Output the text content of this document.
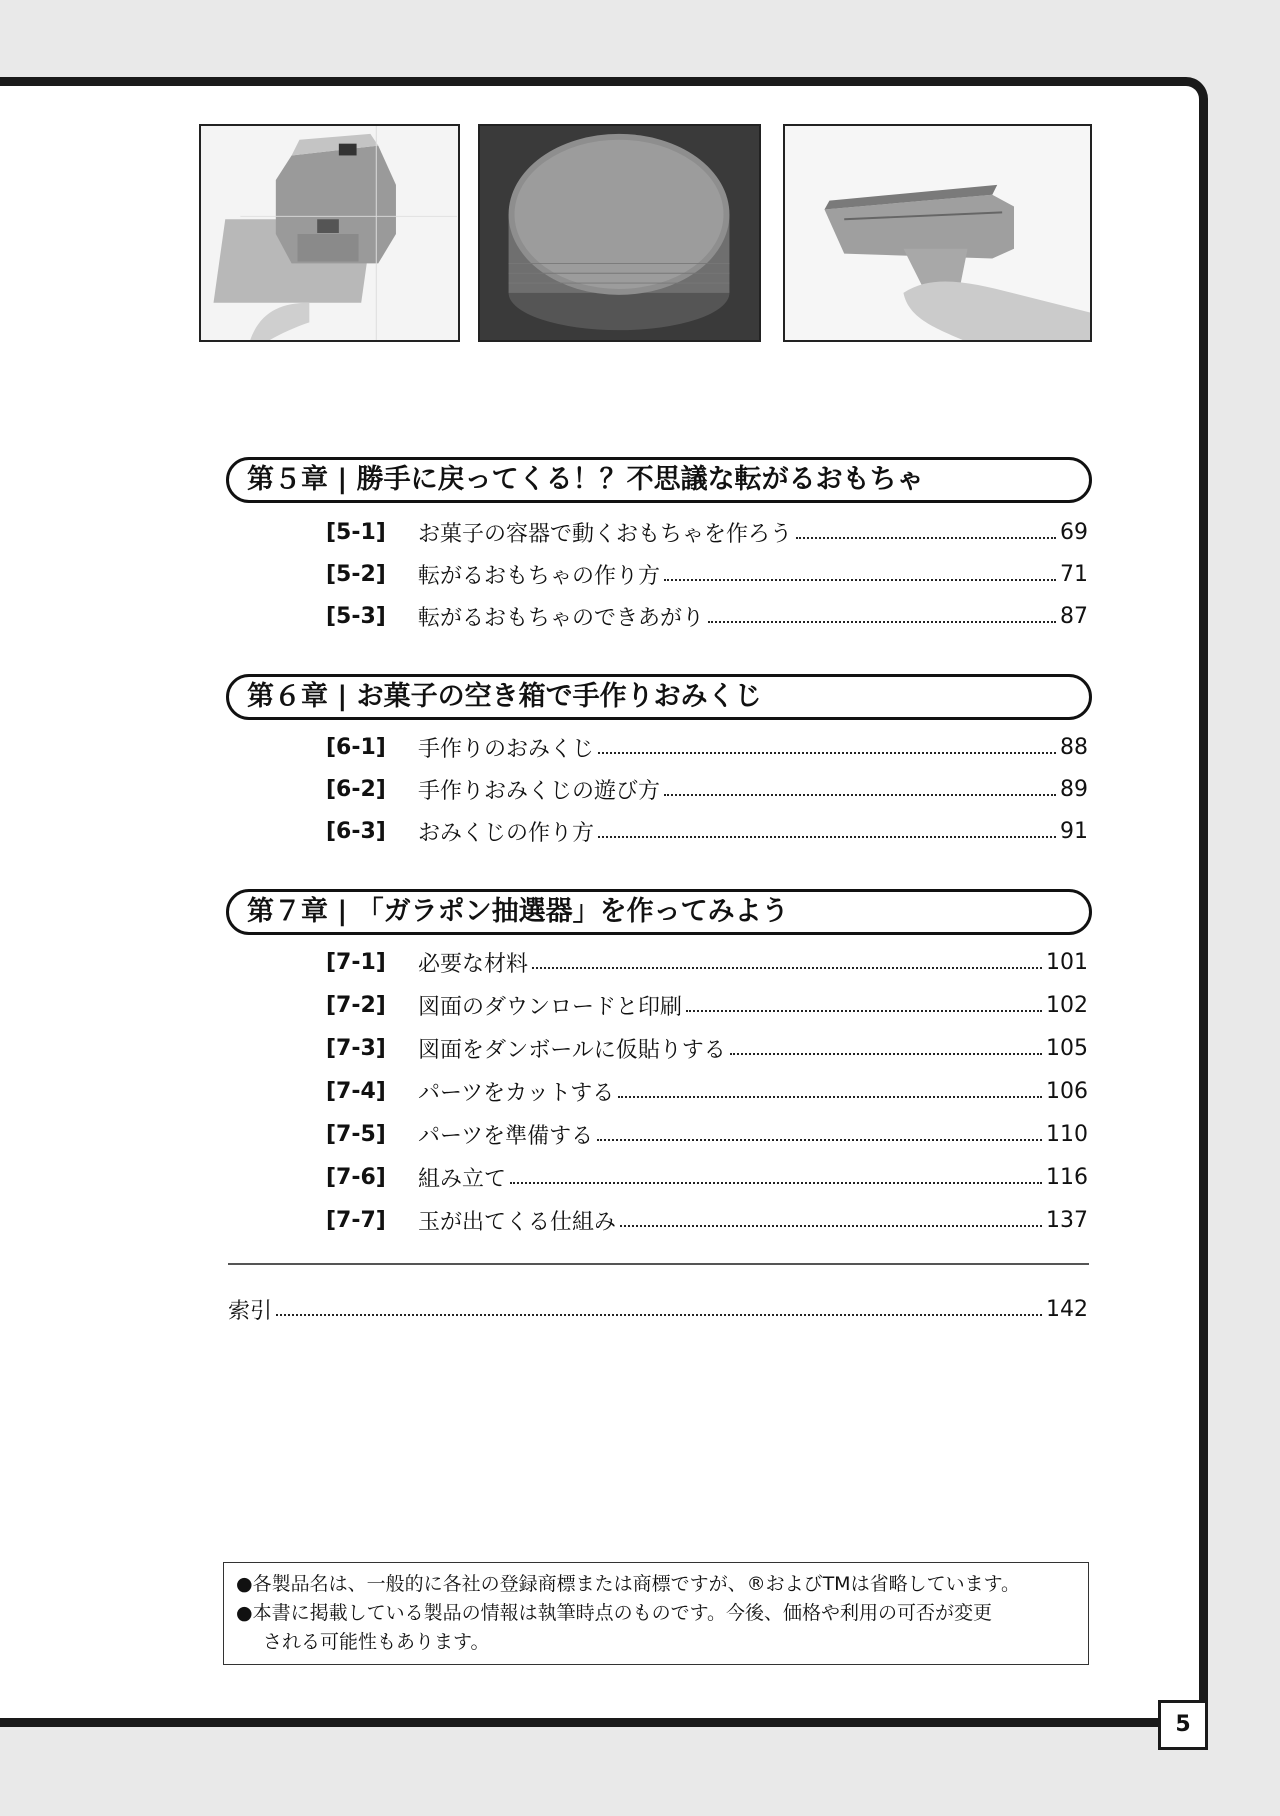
第５章 | 勝手に戻ってくる！？不思議な転がるおもちゃ
[5-1]	お菓子の容器で動くおもちゃを作ろう	69
[5-2]	転がるおもちゃの作り方	71
[5-3]	転がるおもちゃのできあがり	87
第６章 | お菓子の空き箱で手作りおみくじ
[6-1]	手作りのおみくじ	88
[6-2]	手作りおみくじの遊び方	89
[6-3]	おみくじの作り方	91
第７章 | 「ガラポン抽選器」を作ってみよう
[7-1]	必要な材料	101
[7-2]	図面のダウンロードと印刷	102
[7-3]	図面をダンボールに仮貼りする	105
[7-4]	パーツをカットする	106
[7-5]	パーツを準備する	110
[7-6]	組み立て	116
[7-7]	玉が出てくる仕組み	137
索引	142
●各製品名は、一般的に各社の登録商標または商標ですが、®およびTMは省略しています。
●本書に掲載している製品の情報は執筆時点のものです。今後、価格や利用の可否が変更
される可能性もあります。
5
